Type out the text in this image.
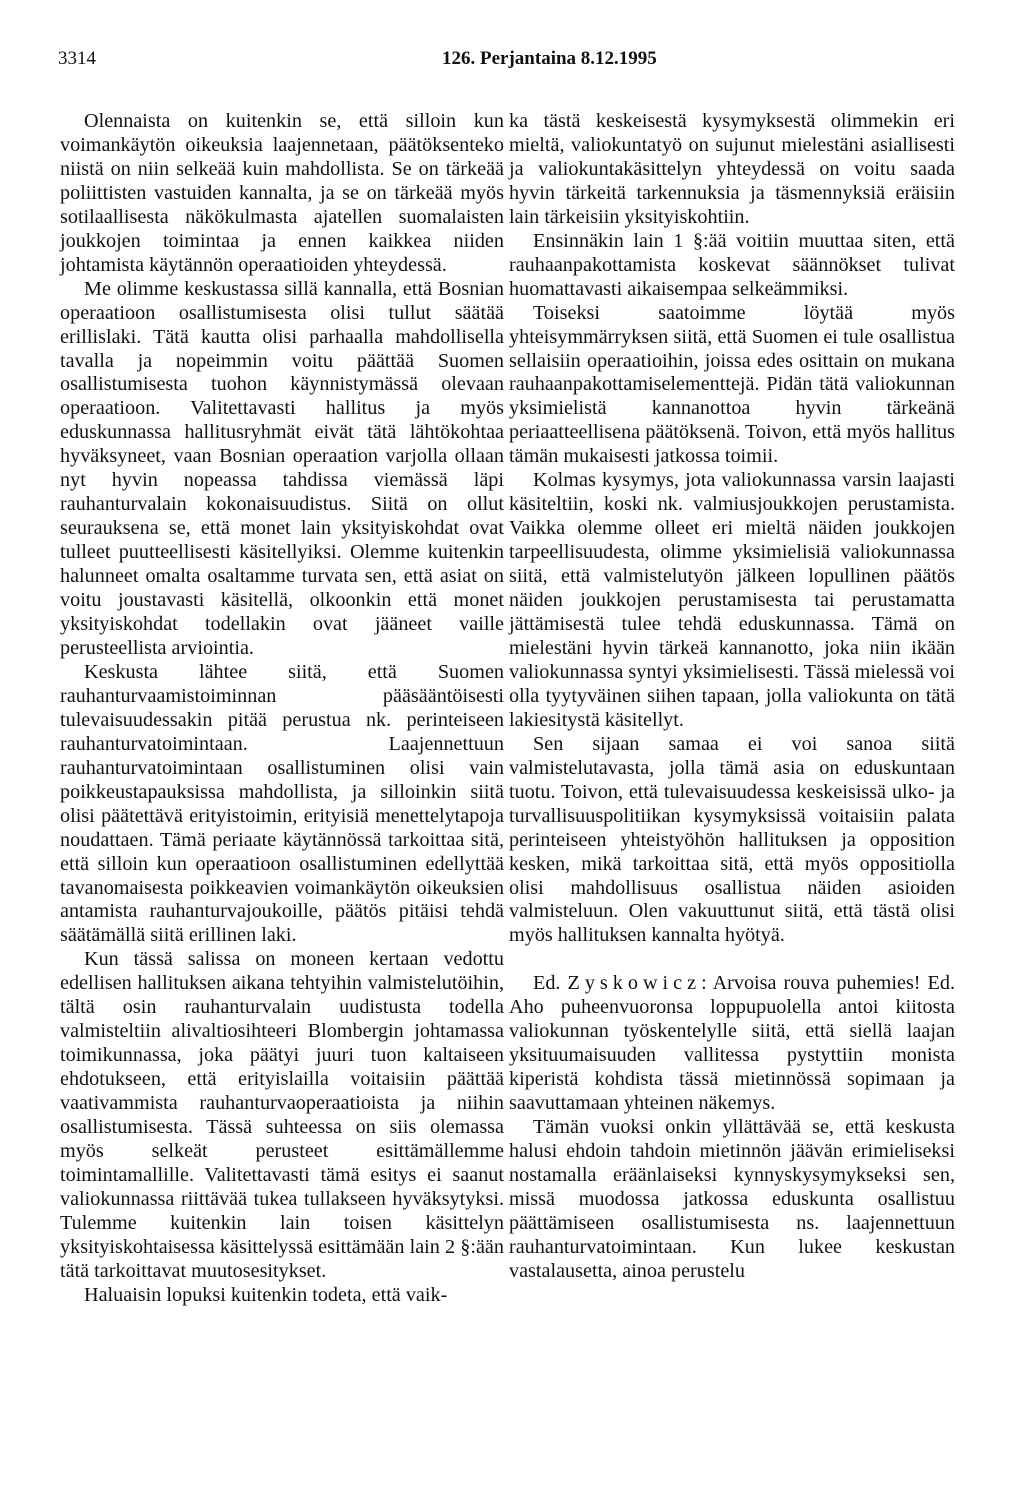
3314	126. Perjantaina 8.12.1995

Olennaista on kuitenkin se, että silloin kun voimankäytön oikeuksia laajennetaan, päätöksenteko niistä on niin selkeää kuin mahdollista. Se on tärkeää poliittisten vastuiden kannalta, ja se on tärkeää myös sotilaallisesta näkökulmasta ajatellen suomalaisten joukkojen toimintaa ja ennen kaikkea niiden johtamista käytännön operaatioiden yhteydessä.

Me olimme keskustassa sillä kannalla, että Bosnian operaatioon osallistumisesta olisi tullut säätää erillislaki. Tätä kautta olisi parhaalla mahdollisella tavalla ja nopeimmin voitu päättää Suomen osallistumisesta tuohon käynnistymässä olevaan operaatioon. Valitettavasti hallitus ja myös eduskunnassa hallitusryhmät eivät tätä lähtökohtaa hyväksyneet, vaan Bosnian operaation varjolla ollaan nyt hyvin nopeassa tahdissa viemässä läpi rauhanturvalain kokonaisuudistus. Siitä on ollut seurauksena se, että monet lain yksityiskohdat ovat tulleet puutteellisesti käsitellyiksi. Olemme kuitenkin halunneet omalta osaltamme turvata sen, että asiat on voitu joustavasti käsitellä, olkoonkin että monet yksityiskohdat todellakin ovat jääneet vaille perusteellista arviointia.

Keskusta lähtee siitä, että Suomen rauhanturvaamistoiminnan pääsääntöisesti tulevaisuudessakin pitää perustua nk. perinteiseen rauhanturvatoimintaan. Laajennettuun rauhanturvatoimintaan osallistuminen olisi vain poikkeustapauksissa mahdollista, ja silloinkin siitä olisi päätettävä erityistoimin, erityisiä menettelytapoja noudattaen. Tämä periaate käytännössä tarkoittaa sitä, että silloin kun operaatioon osallistuminen edellyttää tavanomaisesta poikkeavien voimankäytön oikeuksien antamista rauhanturvajoukoille, päätös pitäisi tehdä säätämällä siitä erillinen laki.

Kun tässä salissa on moneen kertaan vedottu edellisen hallituksen aikana tehtyihin valmistelutöihin, tältä osin rauhanturvalain uudistusta todella valmisteltiin alivaltiosihteeri Blombergin johtamassa toimikunnassa, joka päätyi juuri tuon kaltaiseen ehdotukseen, että erityislailla voitaisiin päättää vaativammista rauhanturvaoperaatioista ja niihin osallistumisesta. Tässä suhteessa on siis olemassa myös selkeät perusteet esittämällemme toimintamallille. Valitettavasti tämä esitys ei saanut valiokunnassa riittävää tukea tullakseen hyväksytyksi. Tulemme kuitenkin lain toisen käsittelyn yksityiskohtaisessa käsittelyssä esittämään lain 2 §:ään tätä tarkoittavat muutosesitykset.

Haluaisin lopuksi kuitenkin todeta, että vaik-

ka tästä keskeisestä kysymyksestä olimmekin eri mieltä, valiokuntatyö on sujunut mielestäni asiallisesti ja valiokuntakäsittelyn yhteydessä on voitu saada hyvin tärkeitä tarkennuksia ja täsmennyksiä eräisiin lain tärkeisiin yksityiskohtiin.

Ensinnäkin lain 1 §:ää voitiin muuttaa siten, että rauhaanpakottamista koskevat säännökset tulivat huomattavasti aikaisempaa selkeämmiksi.

Toiseksi saatoimme löytää myös yhteisymmärryksen siitä, että Suomen ei tule osallistua sellaisiin operaatioihin, joissa edes osittain on mukana rauhaanpakottamiselementtejä. Pidän tätä valiokunnan yksimielistä kannanottoa hyvin tärkeänä periaatteellisena päätöksenä. Toivon, että myös hallitus tämän mukaisesti jatkossa toimii.

Kolmas kysymys, jota valiokunnassa varsin laajasti käsiteltiin, koski nk. valmiusjoukkojen perustamista. Vaikka olemme olleet eri mieltä näiden joukkojen tarpeellisuudesta, olimme yksimielisiä valiokunnassa siitä, että valmistelutyön jälkeen lopullinen päätös näiden joukkojen perustamisesta tai perustamatta jättämisestä tulee tehdä eduskunnassa. Tämä on mielestäni hyvin tärkeä kannanotto, joka niin ikään valiokunnassa syntyi yksimielisesti. Tässä mielessä voi olla tyytyväinen siihen tapaan, jolla valiokunta on tätä lakiesitystä käsitellyt.

Sen sijaan samaa ei voi sanoa siitä valmistelutavasta, jolla tämä asia on eduskuntaan tuotu. Toivon, että tulevaisuudessa keskeisissä ulko- ja turvallisuuspolitiikan kysymyksissä voitaisiin palata perinteiseen yhteistyöhön hallituksen ja opposition kesken, mikä tarkoittaa sitä, että myös oppositiolla olisi mahdollisuus osallistua näiden asioiden valmisteluun. Olen vakuuttunut siitä, että tästä olisi myös hallituksen kannalta hyötyä.

Ed. Zyskowicz: Arvoisa rouva puhemies! Ed. Aho puheenvuoronsa loppupuolella antoi kiitosta valiokunnan työskentelylle siitä, että siellä laajan yksituumaisuuden vallitessa pystyttiin monista kiperistä kohdista tässä mietinnössä sopimaan ja saavuttamaan yhteinen näkemys.

Tämän vuoksi onkin yllättävää se, että keskusta halusi ehdoin tahdoin mietinnön jäävän erimieliseksi nostamalla eräänlaiseksi kynnyskysymykseksi sen, missä muodossa jatkossa eduskunta osallistuu päättämiseen osallistumisesta ns. laajennettuun rauhanturvatoimintaan. Kun lukee keskustan vastalausetta, ainoa perustelu
